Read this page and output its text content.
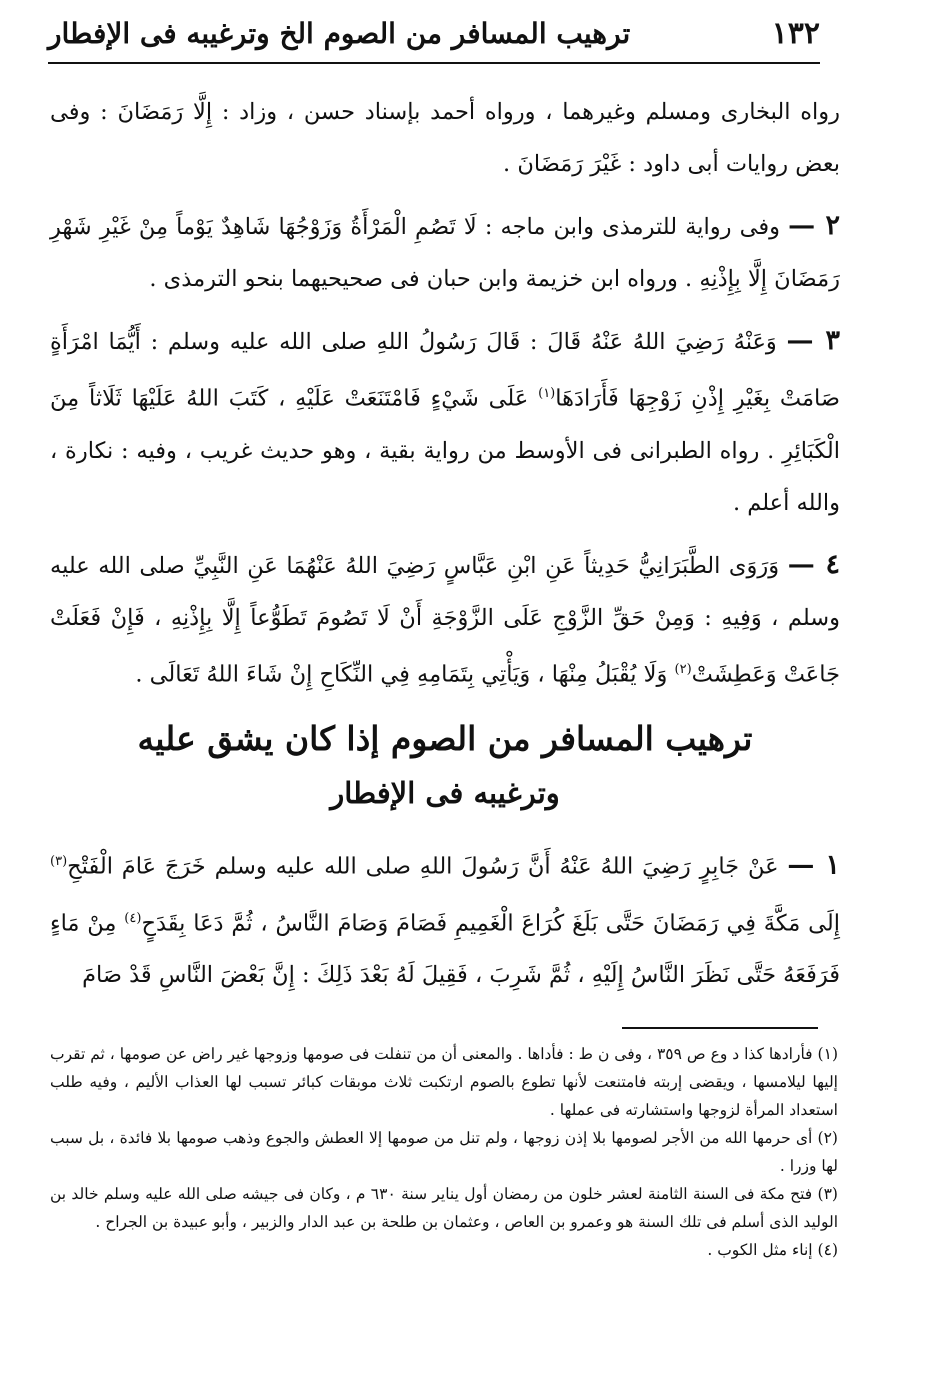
١٣٢
ترهيب المسافر من الصوم الخ وترغيبه فى الإفطار

رواه البخارى ومسلم وغيرهما ، ورواه أحمد بإسناد حسن ، وزاد : إِلَّا رَمَضَانَ : وفى بعض روايات أبى داود : غَيْرَ رَمَضَانَ .

٢ — وفى رواية للترمذى وابن ماجه : لَا تَصُمِ الْمَرْأَةُ وَزَوْجُهَا شَاهِدٌ يَوْماً مِنْ غَيْرِ شَهْرِ رَمَضَانَ إِلَّا بِإِذْنِهِ . ورواه ابن خزيمة وابن حبان فى صحيحيهما بنحو الترمذى .

٣ — وَعَنْهُ رَضِيَ اللهُ عَنْهُ قَالَ : قَالَ رَسُولُ اللهِ صلى الله عليه وسلم : أَيُّمَا امْرَأَةٍ صَامَتْ بِغَيْرِ إِذْنِ زَوْجِهَا فَأَرَادَهَا$^{(١)}$ عَلَى شَيْءٍ فَامْتَنَعَتْ عَلَيْهِ ، كَتَبَ اللهُ عَلَيْهَا ثَلَاثاً مِنَ الْكَبَائِرِ . رواه الطبرانى فى الأوسط من رواية بقية ، وهو حديث غريب ، وفيه : نكارة ، والله أعلم .

٤ — وَرَوَى الطَّبَرَانِيُّ حَدِيثاً عَنِ ابْنِ عَبَّاسٍ رَضِيَ اللهُ عَنْهُمَا عَنِ النَّبِيِّ صلى الله عليه وسلم ، وَفِيهِ : وَمِنْ حَقِّ الزَّوْجِ عَلَى الزَّوْجَةِ أَنْ لَا تَصُومَ تَطَوُّعاً إِلَّا بِإِذْنِهِ ، فَإِنْ فَعَلَتْ جَاعَتْ وَعَطِشَتْ$^{(٢)}$ وَلَا يُقْبَلُ مِنْهَا ، وَيَأْتِي بِتَمَامِهِ فِي النِّكَاحِ إِنْ شَاءَ اللهُ تَعَالَى .

ترهيب المسافر من الصوم إذا كان يشق عليه
وترغيبه فى الإفطار

١ — عَنْ جَابِرٍ رَضِيَ اللهُ عَنْهُ أَنَّ رَسُولَ اللهِ صلى الله عليه وسلم خَرَجَ عَامَ الْفَتْحِ$^{(٣)}$ إِلَى مَكَّةَ فِي رَمَضَانَ حَتَّى بَلَغَ كُرَاعَ الْغَمِيمِ فَصَامَ وَصَامَ النَّاسُ ، ثُمَّ دَعَا بِقَدَحٍ$^{(٤)}$ مِنْ مَاءٍ فَرَفَعَهُ حَتَّى نَظَرَ النَّاسُ إِلَيْهِ ، ثُمَّ شَرِبَ ، فَقِيلَ لَهُ بَعْدَ ذَلِكَ : إِنَّ بَعْضَ النَّاسِ قَدْ صَامَ

(١) فأرادها كذا د وع ص ٣٥٩ ، وفى ن ط : فأداها . والمعنى أن من تنفلت فى صومها وزوجها غير راض عن صومها ، ثم تقرب إليها ليلامسها ، ويقضى إربته فامتنعت لأنها تطوع بالصوم ارتكبت ثلاث موبقات كبائر تسبب لها العذاب الأليم ، وفيه طلب استعداد المرأة لزوجها واستشارته فى عملها .

(٢) أى حرمها الله من الأجر لصومها بلا إذن زوجها ، ولم تنل من صومها إلا العطش والجوع وذهب صومها بلا فائدة ، بل سبب لها وزرا .

(٣) فتح مكة فى السنة الثامنة لعشر خلون من رمضان أول يناير سنة ٦٣٠ م ، وكان فى جيشه صلى الله عليه وسلم خالد بن الوليد الذى أسلم فى تلك السنة هو وعمرو بن العاص ، وعثمان بن طلحة بن عبد الدار والزبير ، وأبو عبيدة بن الجراح .

(٤) إناء مثل الكوب .
